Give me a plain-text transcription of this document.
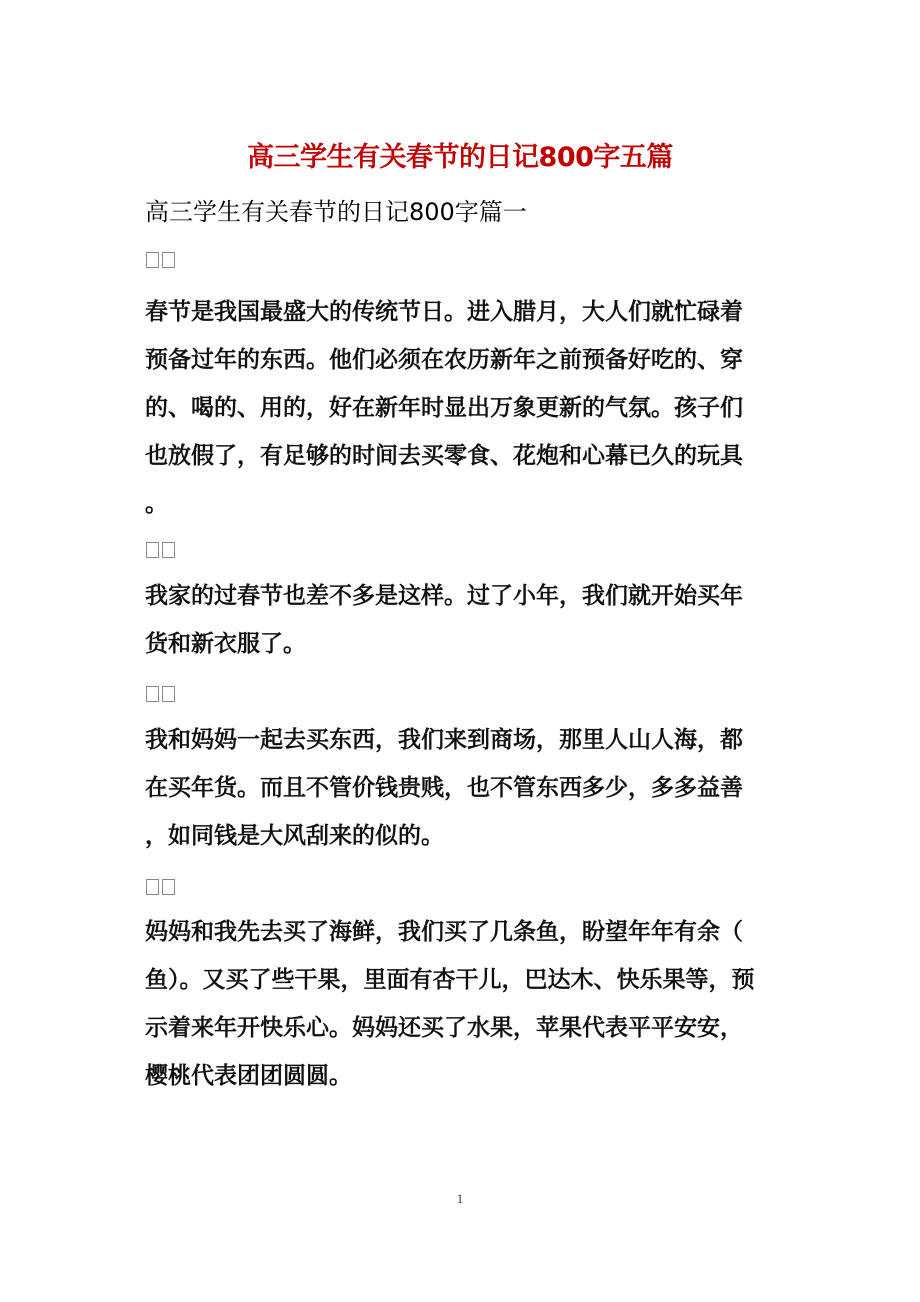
高三学生有关春节的日记800字五篇
高三学生有关春节的日记800字篇一
春节是我国最盛大的传统节日。进入腊月，大人们就忙碌着
预备过年的东西。他们必须在农历新年之前预备好吃的、穿
的、喝的、用的，好在新年时显出万象更新的气氛。孩子们
也放假了，有足够的时间去买零食、花炮和心幕已久的玩具
。
我家的过春节也差不多是这样。过了小年，我们就开始买年
货和新衣服了。
我和妈妈一起去买东西，我们来到商场，那里人山人海，都
在买年货。而且不管价钱贵贱，也不管东西多少，多多益善
，如同钱是大风刮来的似的。
妈妈和我先去买了海鲜，我们买了几条鱼，盼望年年有余（
鱼）。又买了些干果，里面有杏干儿，巴达木、快乐果等，预
示着来年开快乐心。妈妈还买了水果，苹果代表平平安安，
樱桃代表团团圆圆。
1
